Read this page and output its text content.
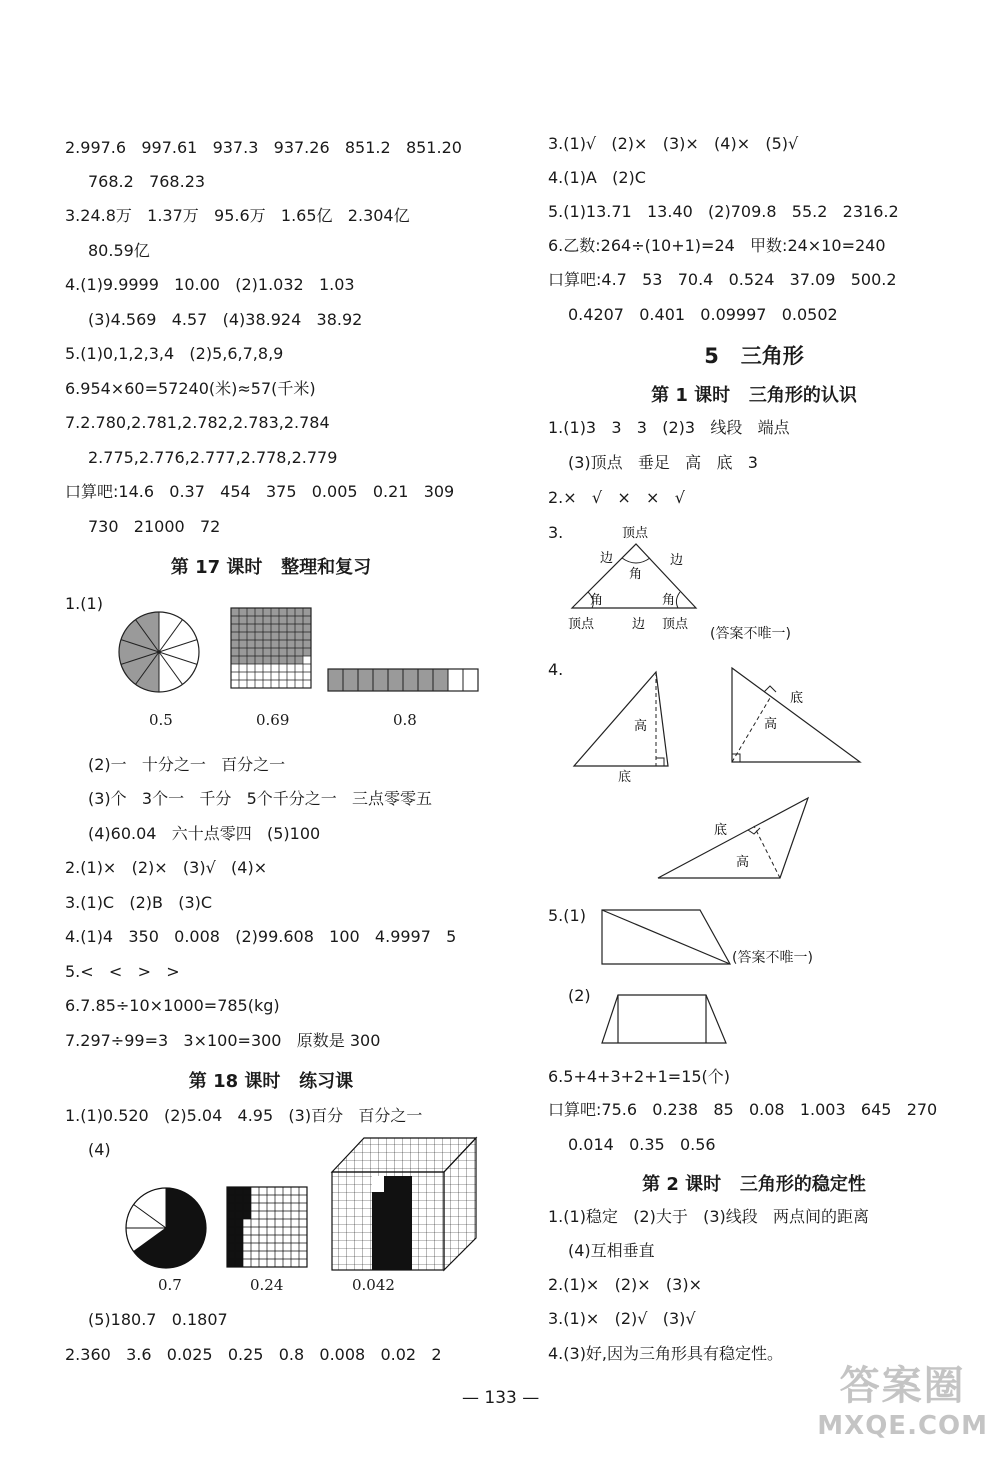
2.997.6   997.61   937.3   937.26   851.2   851.20
768.2   768.23
3.24.8万   1.37万   95.6万   1.65亿   2.304亿
80.59亿
4.(1)9.9999   10.00   (2)1.032   1.03
(3)4.569   4.57   (4)38.924   38.92
5.(1)0,1,2,3,4   (2)5,6,7,8,9
6.954×60=57240(米)≈57(千米)
7.2.780,2.781,2.782,2.783,2.784
2.775,2.776,2.777,2.778,2.779
口算吧:14.6   0.37   454   375   0.005   0.21   309
730   21000   72
第 17 课时   整理和复习
1.(1)
0.5	0.69	0.8
(2)一   十分之一   百分之一
(3)个   3个一   千分   5个千分之一   三点零零五
(4)60.04   六十点零四   (5)100
2.(1)×   (2)×   (3)√   (4)×
3.(1)C   (2)B   (3)C
4.(1)4   350   0.008   (2)99.608   100   4.9997   5
5.<   <   >   >
6.7.85÷10×1000=785(kg)
7.297÷99=3   3×100=300   原数是 300
第 18 课时   练习课
1.(1)0.520   (2)5.04   4.95   (3)百分   百分之一
(4)
0.7	0.24	0.042
(5)180.7   0.1807
2.360   3.6   0.025   0.25   0.8   0.008   0.02   2
3.(1)√   (2)×   (3)×   (4)×   (5)√
4.(1)A   (2)C
5.(1)13.71   13.40   (2)709.8   55.2   2316.2
6.乙数:264÷(10+1)=24   甲数:24×10=240
口算吧:4.7   53   70.4   0.524   37.09   500.2
0.4207   0.401   0.09997   0.0502
5   三角形
第 1 课时   三角形的认识
1.(1)3   3   3   (2)3   线段   端点
(3)顶点   垂足   高   底   3
2.×   √   ×   ×   √
3.	顶点
边	边
角
角	角
顶点	边 顶点
(答案不唯一)
4.
高
底
底
高
底
高
5.(1)
(答案不唯一)
(2)
6.5+4+3+2+1=15(个)
口算吧:75.6   0.238   85   0.08   1.003   645   270
0.014   0.35   0.56
第 2 课时   三角形的稳定性
1.(1)稳定   (2)大于   (3)线段   两点间的距离
(4)互相垂直
2.(1)×   (2)×   (3)×
3.(1)×   (2)√   (3)√
4.(3)好,因为三角形具有稳定性。
— 133 —	答案圈
MXQE.COM
